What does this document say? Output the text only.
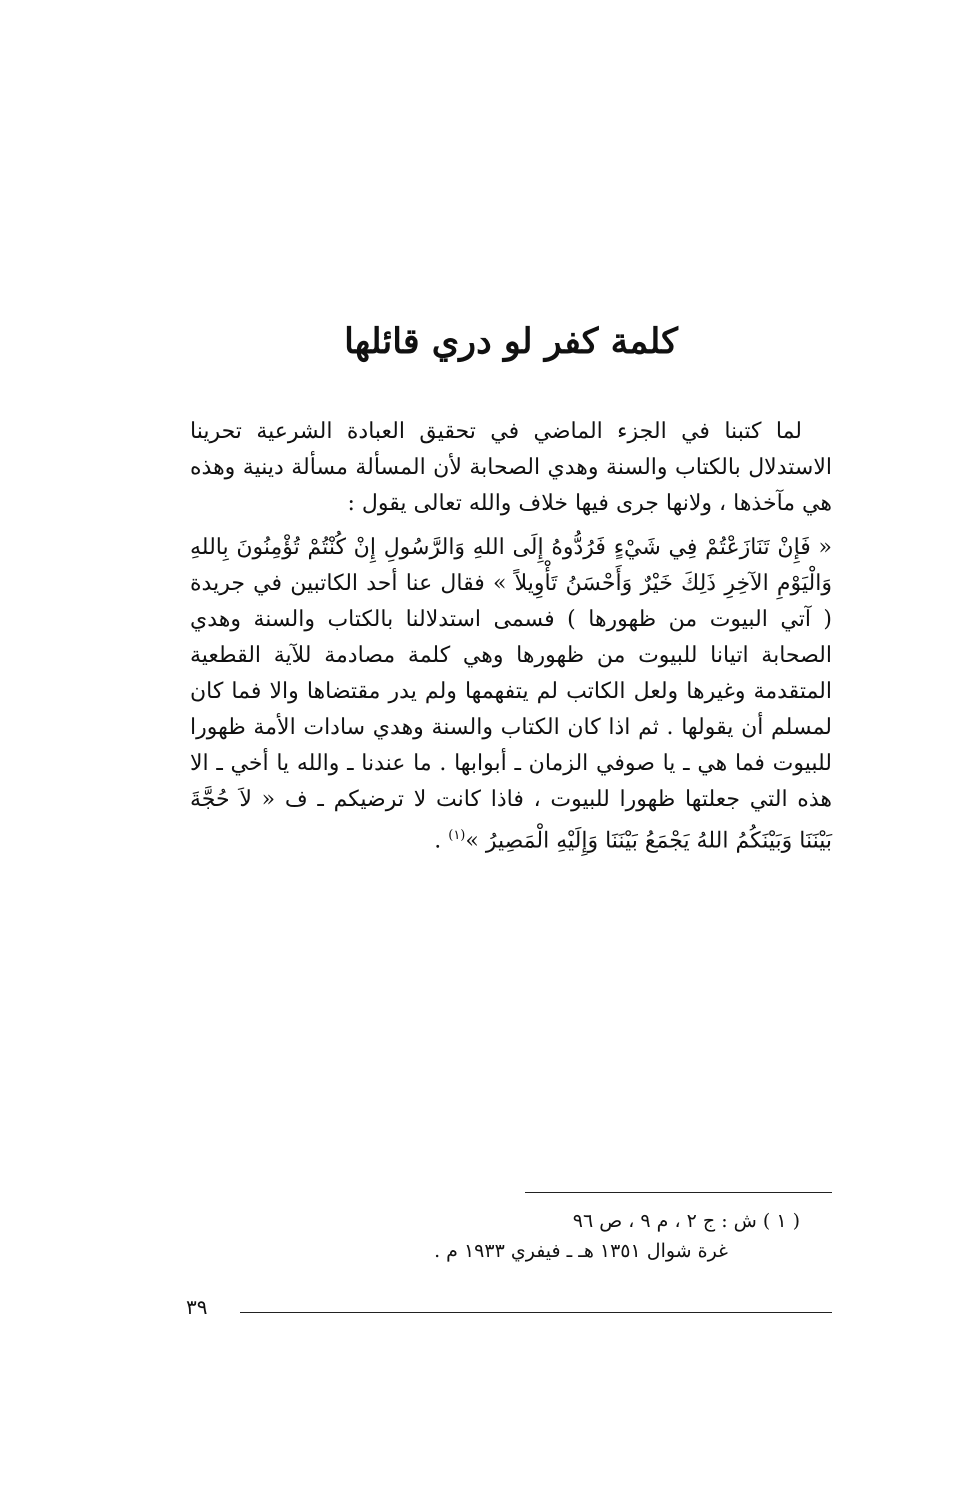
كلمة كفر لو دري قائلها

لما كتبنا في الجزء الماضي في تحقيق العبادة الشرعية تحرينا الاستدلال بالكتاب والسنة وهدي الصحابة لأن المسألة مسألة دينية وهذه هي مآخذها ، ولانها جرى فيها خلاف والله تعالى يقول :

« فَإِنْ تَنَازَعْتُمْ فِي شَيْءٍ فَرُدُّوهُ إِلَى اللهِ وَالرَّسُولِ إِنْ كُنْتُمْ تُؤْمِنُونَ بِاللهِ وَالْيَوْمِ الآخِرِ ذَلِكَ خَيْرٌ وَأَحْسَنُ تَأْوِيلاً » فقال عنا أحد الكاتبين في جريدة ( آتي البيوت من ظهورها ) فسمى استدلالنا بالكتاب والسنة وهدي الصحابة اتيانا للبيوت من ظهورها وهي كلمة مصادمة للآية القطعية المتقدمة وغيرها ولعل الكاتب لم يتفهمها ولم يدر مقتضاها والا فما كان لمسلم أن يقولها . ثم اذا كان الكتاب والسنة وهدي سادات الأمة ظهورا للبيوت فما هي ـ يا صوفي الزمان ـ أبوابها . ما عندنا ـ والله يا أخي ـ الا هذه التي جعلتها ظهورا للبيوت ، فاذا كانت لا ترضيكم ـ ف « لاَ حُجَّةَ بَيْنَنَا وَبَيْنَكُمُ اللهُ يَجْمَعُ بَيْنَنَا وَإِلَيْهِ الْمَصِيرُ »$^{(١)}$ .

( ١ ) ش : ج ٢ ، م ٩ ، ص ٩٦
غرة شوال ١٣٥١ هـ ـ فيفري ١٩٣٣ م .
٣٩
